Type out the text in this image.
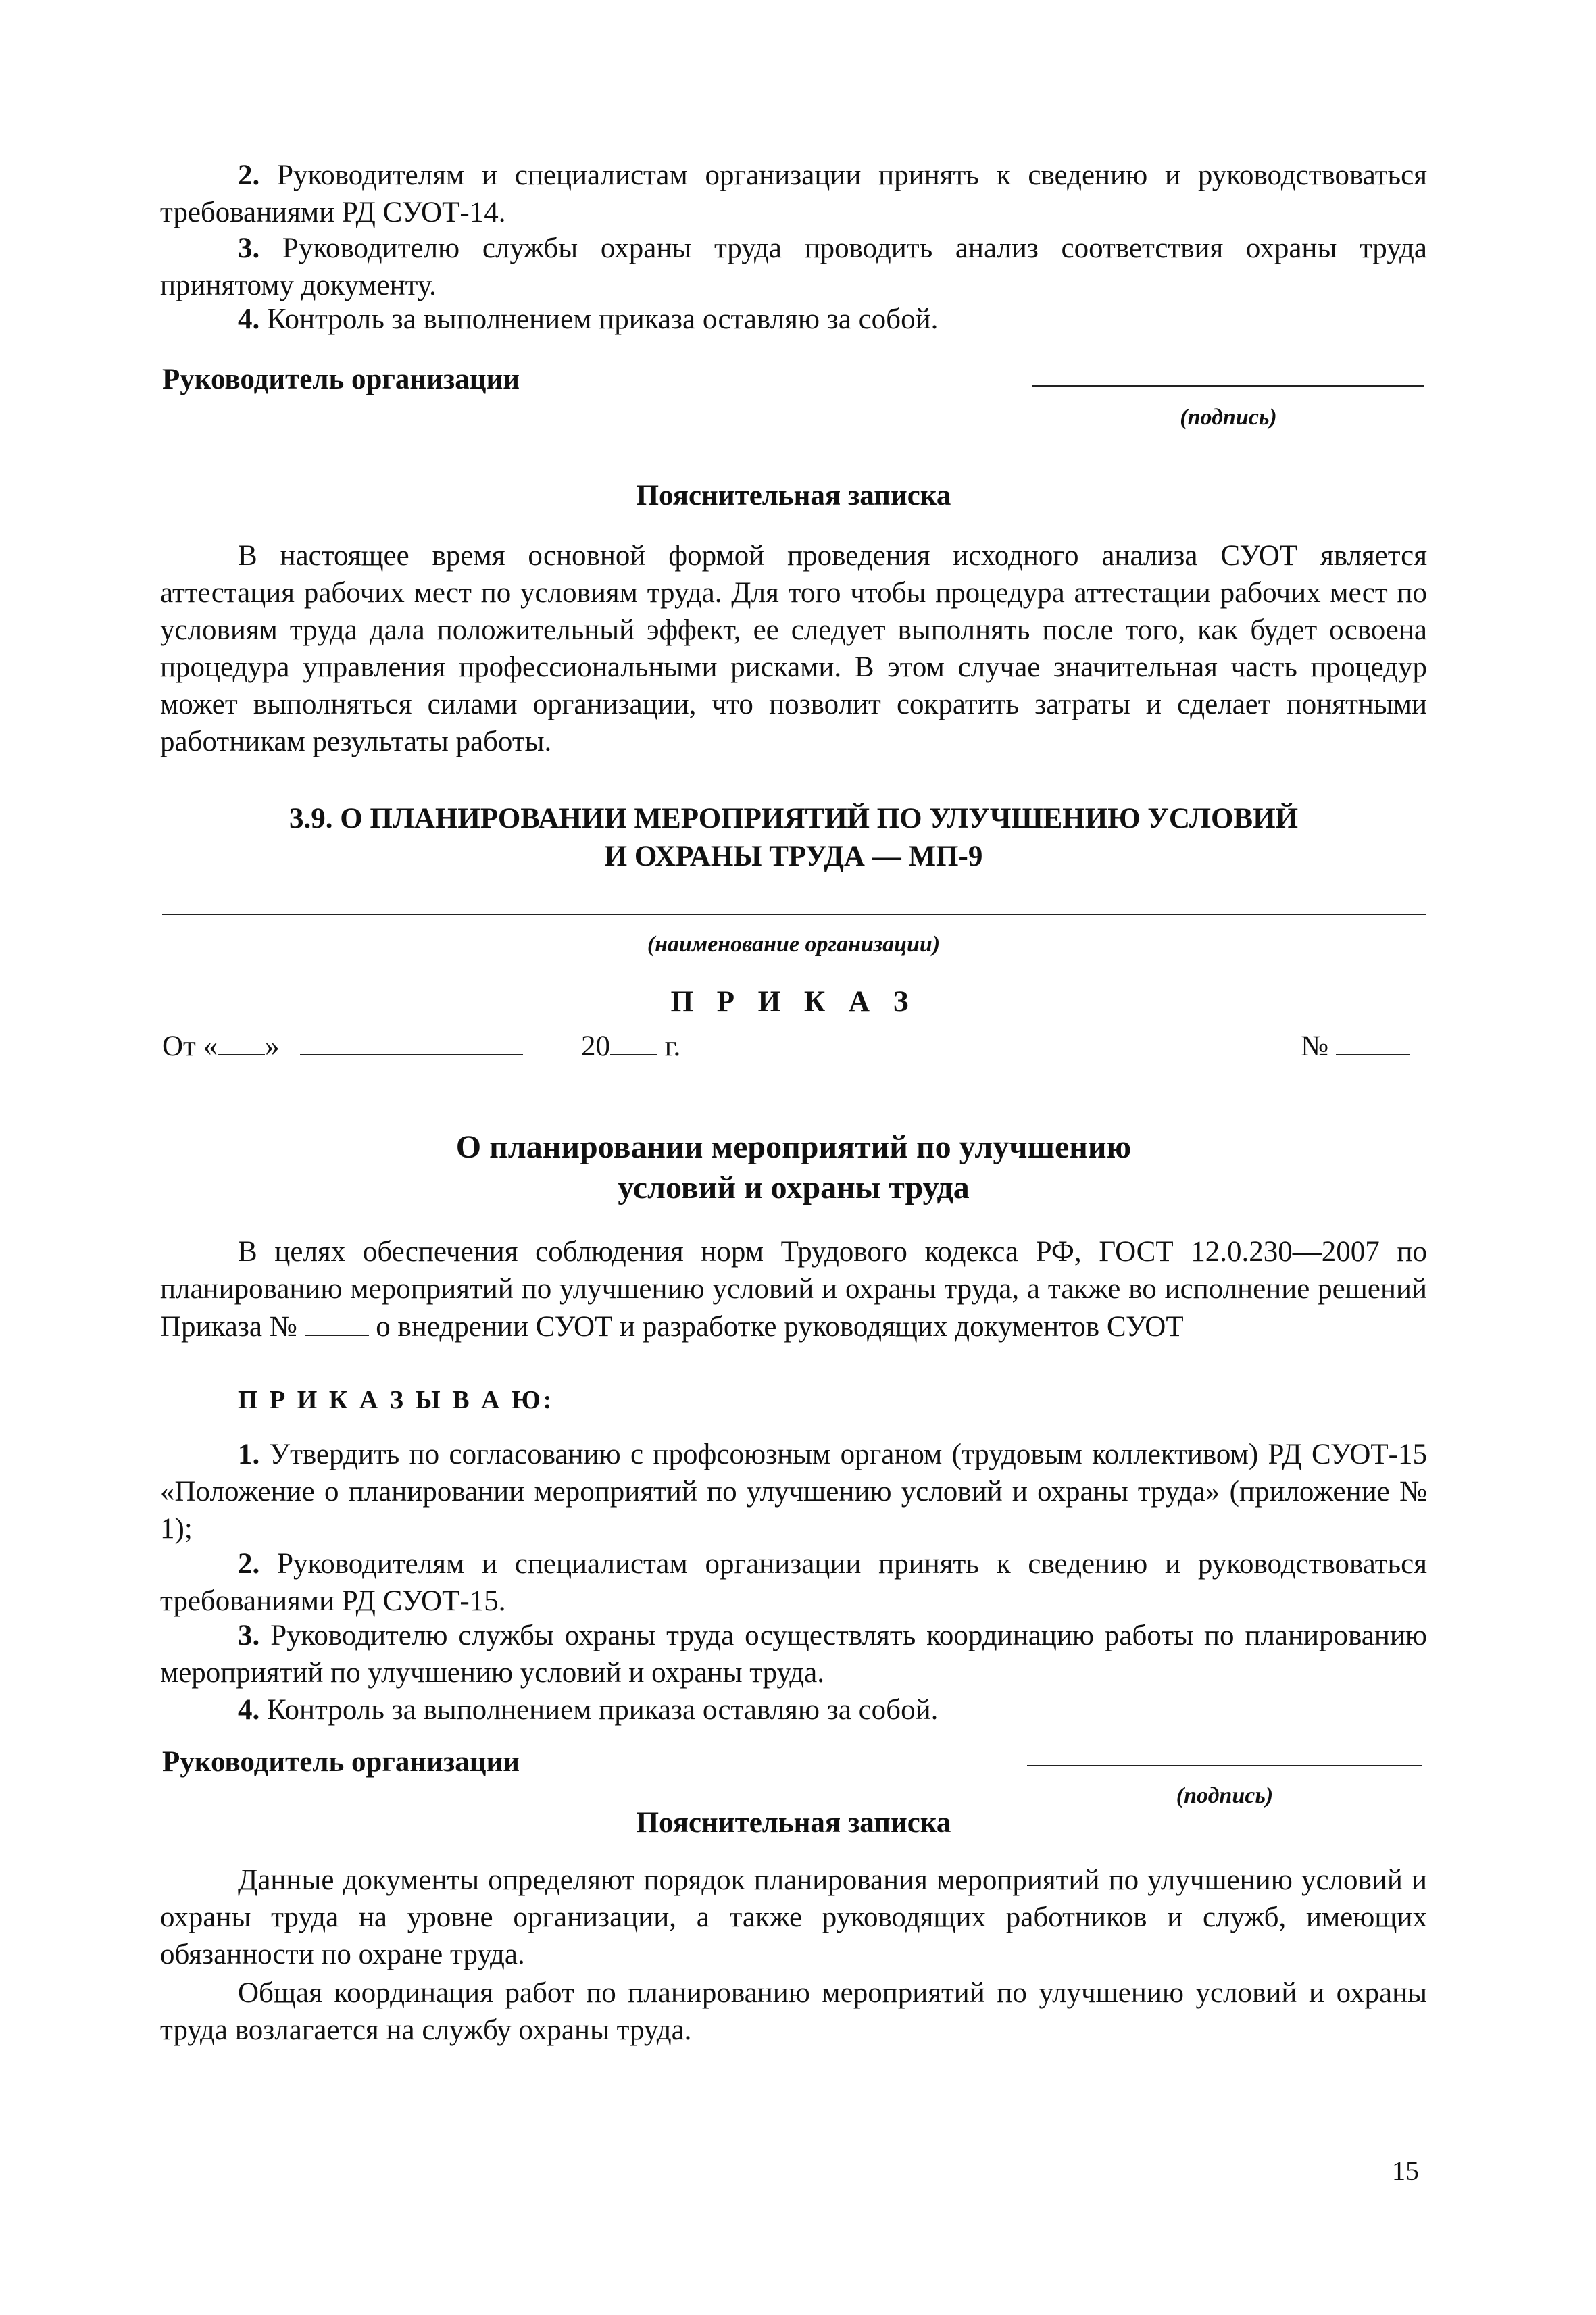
2. Руководителям и специалистам организации принять к сведению и руководствоваться требованиями РД СУОТ-14.

3. Руководителю службы охраны труда проводить анализ соответствия охраны труда принятому документу.

4. Контроль за выполнением приказа оставляю за собой.

Руководитель организации
(подпись)
Пояснительная записка

В настоящее время основной формой проведения исходного анализа СУОТ является аттестация рабочих мест по условиям труда. Для того чтобы процедура аттестации рабочих мест по условиям труда дала положительный эффект, ее следует выполнять после того, как будет освоена процедура управления профессиональными рисками. В этом случае значительная часть процедур может выполняться силами организации, что позволит сократить затраты и сделает понятными работникам результаты работы.

3.9. О ПЛАНИРОВАНИИ МЕРОПРИЯТИЙ ПО УЛУЧШЕНИЮ УСЛОВИЙ
И ОХРАНЫ ТРУДА — МП-9
(наименование организации)
П Р И К А З
От « »	20 г.	№
О планировании мероприятий по улучшению
условий и охраны труда

В целях обеспечения соблюдения норм Трудового кодекса РФ, ГОСТ 12.0.230—2007 по планированию мероприятий по улучшению условий и охраны труда, а также во исполнение решений Приказа №  о внедрении СУОТ и разработке руководящих документов СУОТ

П Р И К А З Ы В А Ю:

1. Утвердить по согласованию с профсоюзным органом (трудовым коллективом) РД СУОТ-15 «Положение о планировании мероприятий по улучшению условий и охраны труда» (приложение № 1);

2. Руководителям и специалистам организации принять к сведению и руководствоваться требованиями РД СУОТ-15.

3. Руководителю службы охраны труда осуществлять координацию работы по планированию мероприятий по улучшению условий и охраны труда.

4. Контроль за выполнением приказа оставляю за собой.

Руководитель организации
(подпись)
Пояснительная записка

Данные документы определяют порядок планирования мероприятий по улучшению условий и охраны труда на уровне организации, а также руководящих работников и служб, имеющих обязанности по охране труда.

Общая координация работ по планированию мероприятий по улучшению условий и охраны труда возлагается на службу охраны труда.

15
